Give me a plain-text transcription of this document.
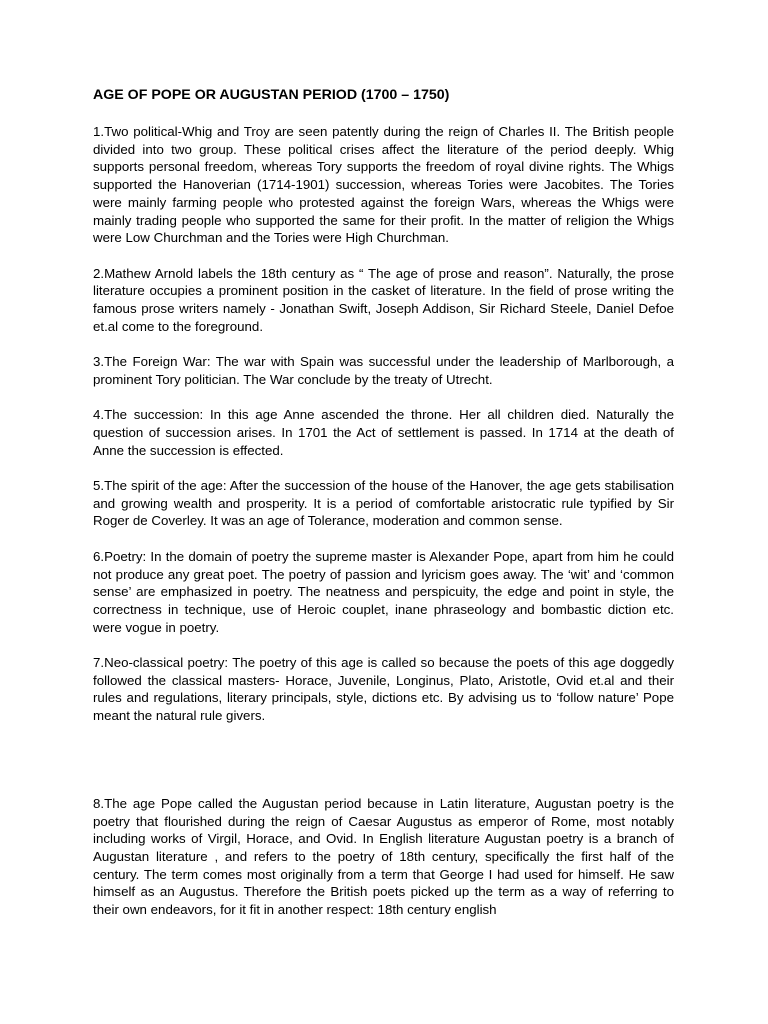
AGE OF POPE OR AUGUSTAN PERIOD (1700 – 1750)

1.Two political-Whig and Troy are seen patently during the reign of Charles II. The British people divided into two group. These political crises affect the literature of the period deeply. Whig supports personal freedom, whereas Tory supports the freedom of royal divine rights. The Whigs supported the Hanoverian (1714-1901) succession, whereas Tories were Jacobites. The Tories were mainly farming people who protested against the foreign Wars, whereas the Whigs were mainly trading people who supported the same for their profit. In the matter of religion the Whigs were Low Churchman and the Tories were High Churchman.

2.Mathew Arnold labels the 18th century as “ The age of prose and reason”. Naturally, the prose literature occupies a prominent position in the casket of literature. In the field of prose writing the famous prose writers namely - Jonathan Swift, Joseph Addison, Sir Richard Steele, Daniel Defoe et.al come to the foreground.

3.The Foreign War: The war with Spain was successful under the leadership of Marlborough, a prominent Tory politician. The War conclude by the treaty of Utrecht.

4.The succession: In this age Anne ascended the throne. Her all children died. Naturally the question of succession arises. In 1701 the Act of settlement is passed. In 1714 at the death of Anne the succession is effected.

5.The spirit of the age: After the succession of the house of the Hanover, the age gets stabilisation and growing wealth and prosperity. It is a period of comfortable aristocratic rule typified by Sir Roger de Coverley. It was an age of Tolerance, moderation and common sense.

6.Poetry: In the domain of poetry the supreme master is Alexander Pope, apart from him he could not produce any great poet. The poetry of passion and lyricism goes away. The ‘wit’ and ‘common sense’ are emphasized in poetry. The neatness and perspicuity, the edge and point in style, the correctness in technique, use of Heroic couplet, inane phraseology and bombastic diction etc. were vogue in poetry.

7.Neo-classical poetry: The poetry of this age is called so because the poets of this age doggedly followed the classical masters- Horace, Juvenile, Longinus, Plato, Aristotle, Ovid et.al and their rules and regulations, literary principals, style, dictions etc. By advising us to ‘follow nature’ Pope meant the natural rule givers.

8.The age Pope called the Augustan period because in Latin literature, Augustan poetry is the poetry that flourished during the reign of Caesar Augustus as emperor of Rome, most notably including works of Virgil, Horace, and Ovid. In English literature Augustan poetry is a branch of Augustan literature , and refers to the poetry of 18th century, specifically the first half of the century. The term comes most originally from a term that George I had used for himself. He saw himself as an Augustus. Therefore the British poets picked up the term as a way of referring to their own endeavors, for it fit in another respect: 18th century english
